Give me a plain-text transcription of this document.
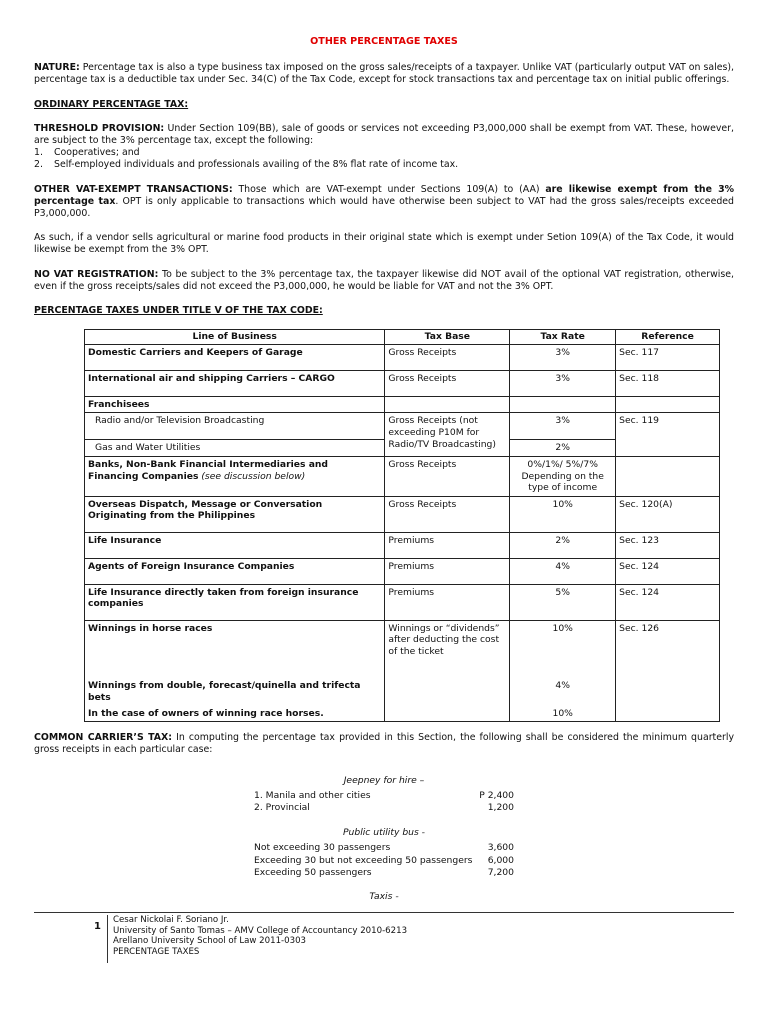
OTHER PERCENTAGE TAXES

NATURE: Percentage tax is also a type business tax imposed on the gross sales/receipts of a taxpayer. Unlike VAT (particularly output VAT on sales), percentage tax is a deductible tax under Sec. 34(C) of the Tax Code, except for stock transactions tax and percentage tax on initial public offerings.

ORDINARY PERCENTAGE TAX:

THRESHOLD PROVISION: Under Section 109(BB), sale of goods or services not exceeding P3,000,000 shall be exempt from VAT. These, however, are subject to the 3% percentage tax, except the following:

1. Cooperatives; and
2. Self-employed individuals and professionals availing of the 8% flat rate of income tax.

OTHER VAT-EXEMPT TRANSACTIONS: Those which are VAT-exempt under Sections 109(A) to (AA) are likewise exempt from the 3% percentage tax. OPT is only applicable to transactions which would have otherwise been subject to VAT had the gross sales/receipts exceeded P3,000,000.

As such, if a vendor sells agricultural or marine food products in their original state which is exempt under Setion 109(A) of the Tax Code, it would likewise be exempt from the 3% OPT.

NO VAT REGISTRATION: To be subject to the 3% percentage tax, the taxpayer likewise did NOT avail of the optional VAT registration, otherwise, even if the gross receipts/sales did not exceed the P3,000,000, he would be liable for VAT and not the 3% OPT.

PERCENTAGE TAXES UNDER TITLE V OF THE TAX CODE:

Line of Business	Tax Base	Tax Rate	Reference
Domestic Carriers and Keepers of Garage	Gross Receipts	3%	Sec. 117
International air and shipping Carriers – CARGO	Gross Receipts	3%	Sec. 118
Franchisees			
Radio and/or Television Broadcasting	Gross Receipts (not exceeding P10M for Radio/TV Broadcasting)	3%	Sec. 119
Gas and Water Utilities		2%	
Banks, Non-Bank Financial Intermediaries and Financing Companies (see discussion below)	Gross Receipts	0%/1%/ 5%/7% Depending on the type of income	
Overseas Dispatch, Message or Conversation Originating from the Philippines	Gross Receipts	10%	Sec. 120(A)
Life Insurance	Premiums	2%	Sec. 123
Agents of Foreign Insurance Companies	Premiums	4%	Sec. 124
Life Insurance directly taken from foreign insurance companies	Premiums	5%	Sec. 124
Winnings in horse races	Winnings or “dividends” after deducting the cost of the ticket	10%	Sec. 126
Winnings from double, forecast/quinella and trifecta bets		4%	
In the case of owners of winning race horses.		10%	

COMMON CARRIER’S TAX: In computing the percentage tax provided in this Section, the following shall be considered the minimum quarterly gross receipts in each particular case:

Jeepney for hire –
1. Manila and other cities	P 2,400
2. Provincial	1,200
Public utility bus -
Not exceeding 30 passengers	3,600
Exceeding 30 but not exceeding 50 passengers 6,000
Exceeding 50 passengers	7,200
Taxis -
1
Cesar Nickolai F. Soriano Jr.
University of Santo Tomas – AMV College of Accountancy 2010-6213
Arellano University School of Law 2011-0303
PERCENTAGE TAXES
